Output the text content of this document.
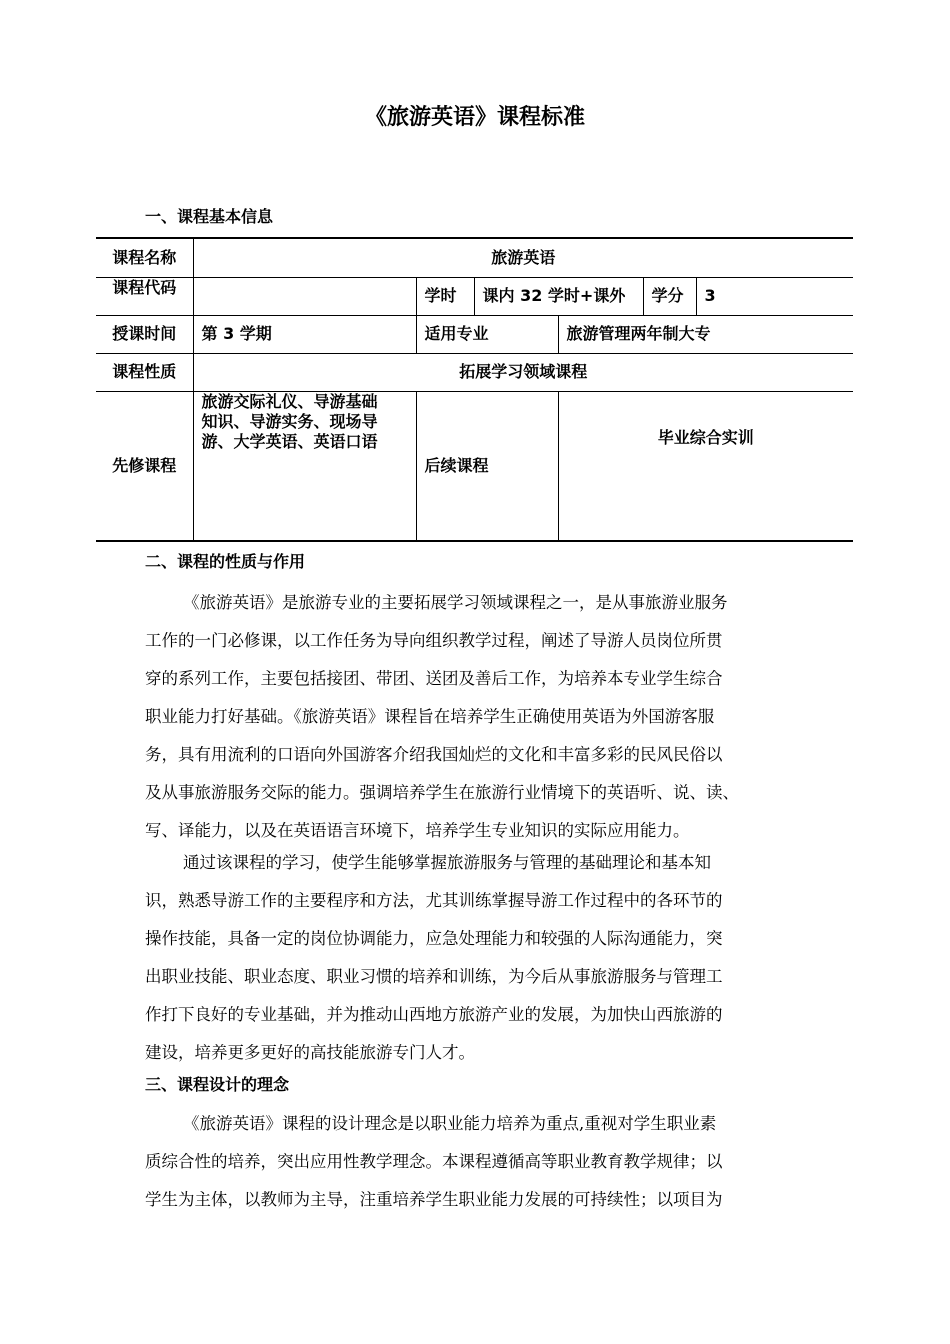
《旅游英语》课程标准
一、课程基本信息
课程名称	旅游英语					
课程代码		学时	课内 32 学时+课外		学分	3
授课时间	第 3 学期	适用专业		旅游管理两年制大专		
课程性质	拓展学习领域课程					
先修课程	旅游交际礼仪、导游基础
知识、导游实务、现场导
游、大学英语、英语口语	后续课程		毕业综合实训		
二、课程的性质与作用
《旅游英语》是旅游专业的主要拓展学习领域课程之一，是从事旅游业服务
工作的一门必修课，以工作任务为导向组织教学过程，阐述了导游人员岗位所贯
穿的系列工作，主要包括接团、带团、送团及善后工作，为培养本专业学生综合
职业能力打好基础。《旅游英语》课程旨在培养学生正确使用英语为外国游客服
务，具有用流利的口语向外国游客介绍我国灿烂的文化和丰富多彩的民风民俗以
及从事旅游服务交际的能力。强调培养学生在旅游行业情境下的英语听、说、读、
写、译能力，以及在英语语言环境下，培养学生专业知识的实际应用能力。
通过该课程的学习，使学生能够掌握旅游服务与管理的基础理论和基本知
识，熟悉导游工作的主要程序和方法，尤其训练掌握导游工作过程中的各环节的
操作技能，具备一定的岗位协调能力，应急处理能力和较强的人际沟通能力，突
出职业技能、职业态度、职业习惯的培养和训练，为今后从事旅游服务与管理工
作打下良好的专业基础，并为推动山西地方旅游产业的发展，为加快山西旅游的
建设，培养更多更好的高技能旅游专门人才。
三、课程设计的理念
《旅游英语》课程的设计理念是以职业能力培养为重点,重视对学生职业素
质综合性的培养，突出应用性教学理念。本课程遵循高等职业教育教学规律；以
学生为主体，以教师为主导，注重培养学生职业能力发展的可持续性；以项目为
